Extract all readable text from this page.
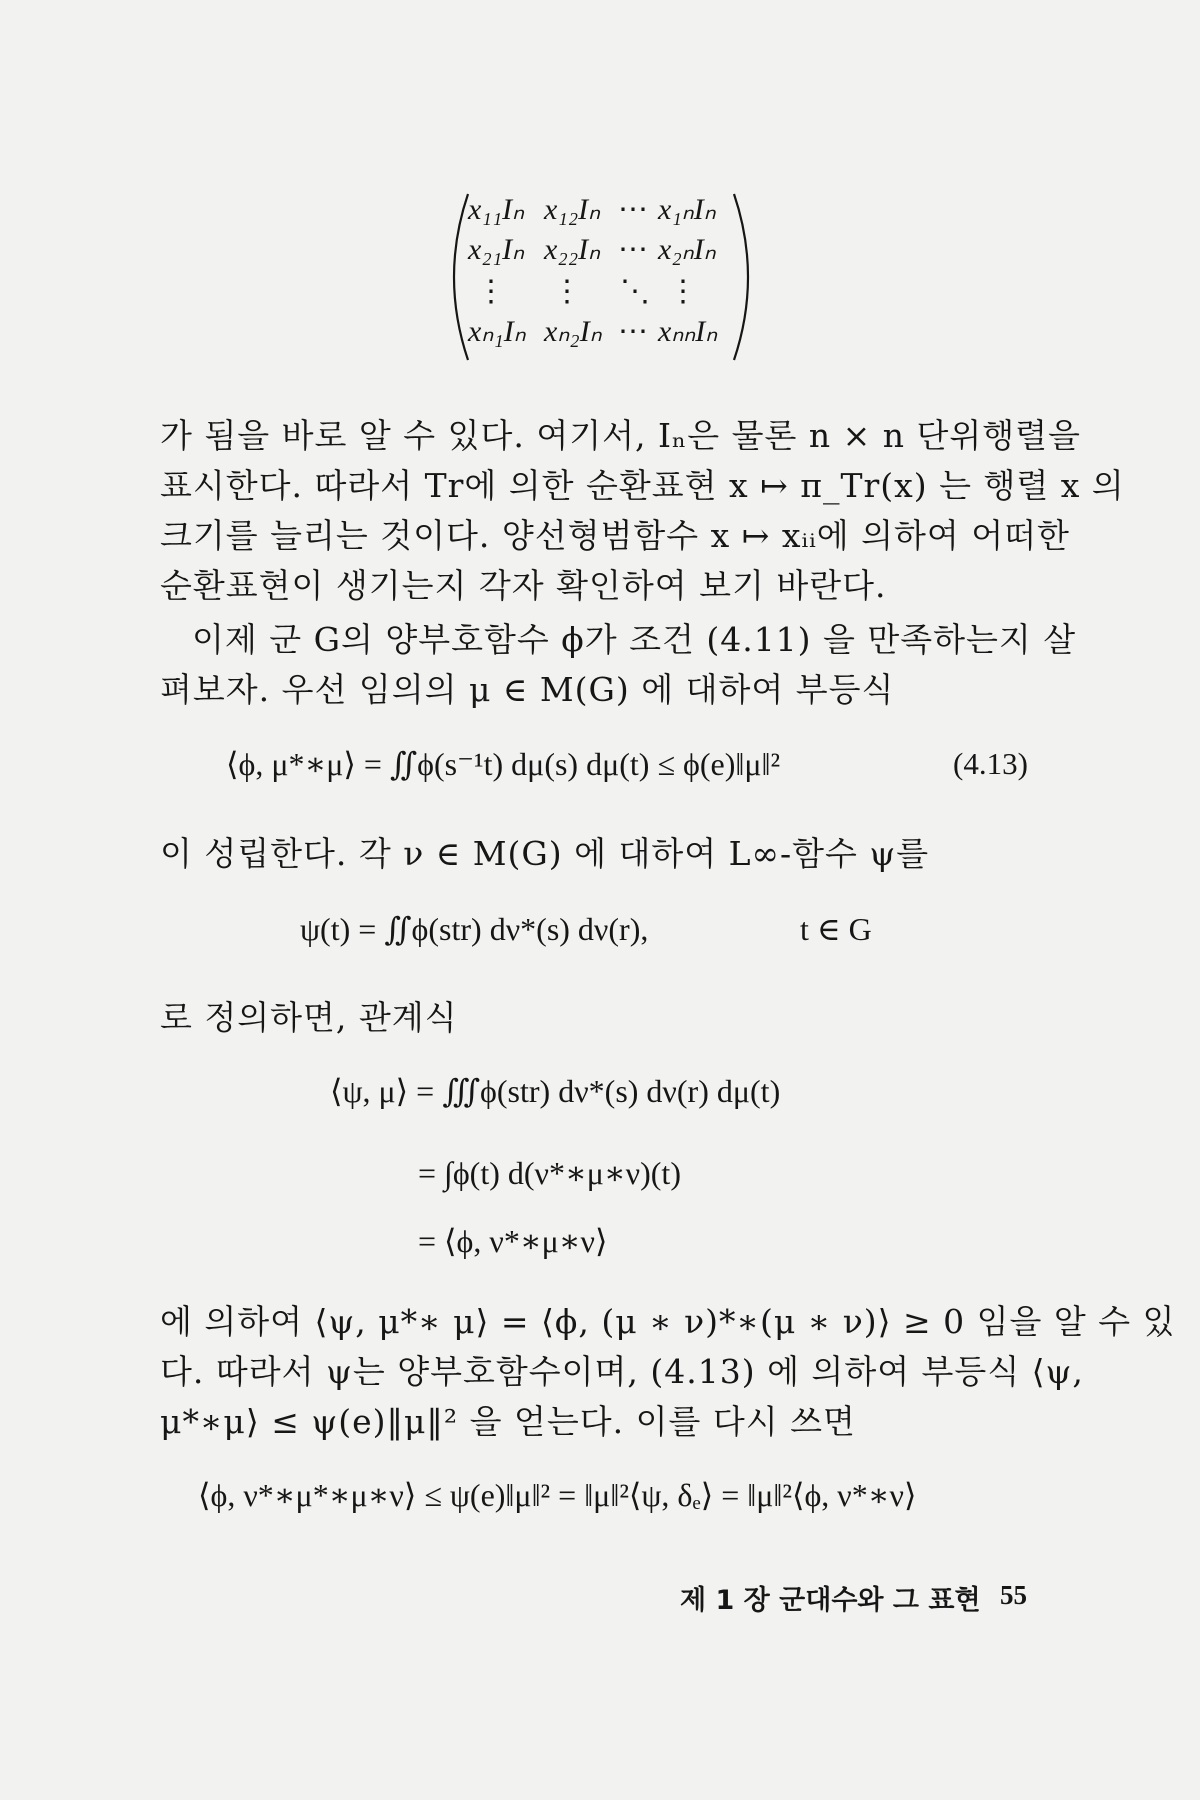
x₁₁Iₙ x₁₂Iₙ ⋯ x₁ₙIₙ
x₂₁Iₙ x₂₂Iₙ ⋯ x₂ₙIₙ
⋮ ⋮ ⋱ ⋮
xₙ₁Iₙ xₙ₂Iₙ ⋯ xₙₙIₙ
가 됨을 바로 알 수 있다. 여기서, Iₙ은 물론 n × n 단위행렬을
표시한다. 따라서 Tr에 의한 순환표현 x ↦ π_Tr(x) 는 행렬 x 의
크기를 늘리는 것이다. 양선형범함수 x ↦ xᵢᵢ에 의하여 어떠한
순환표현이 생기는지 각자 확인하여 보기 바란다.
이제 군 G의 양부호함수 ϕ가 조건 (4.11) 을 만족하는지 살
펴보자. 우선 임의의 μ ∈ M(G) 에 대하여 부등식
⟨ϕ, μ*∗μ⟩ = ∬ϕ(s⁻¹t) dμ(s) dμ(t) ≤ ϕ(e)‖μ‖²	(4.13)
이 성립한다. 각 ν ∈ M(G) 에 대하여 L∞-함수 ψ를
ψ(t) = ∬ϕ(str) dν*(s) dν(r),	t ∈ G
로 정의하면, 관계식
⟨ψ, μ⟩ = ∭ϕ(str) dν*(s) dν(r) dμ(t)
= ∫ϕ(t) d(ν*∗μ∗ν)(t)
= ⟨ϕ, ν*∗μ∗ν⟩
에 의하여 ⟨ψ, μ*∗ μ⟩ = ⟨ϕ, (μ ∗ ν)*∗(μ ∗ ν)⟩ ≥ 0 임을 알 수 있
다. 따라서 ψ는 양부호함수이며, (4.13) 에 의하여 부등식 ⟨ψ,
μ*∗μ⟩ ≤ ψ(e)‖μ‖² 을 얻는다. 이를 다시 쓰면
⟨ϕ, ν*∗μ*∗μ∗ν⟩ ≤ ψ(e)‖μ‖² = ‖μ‖²⟨ψ, δₑ⟩ = ‖μ‖²⟨ϕ, ν*∗ν⟩
제 1 장 군대수와 그 표현 55
